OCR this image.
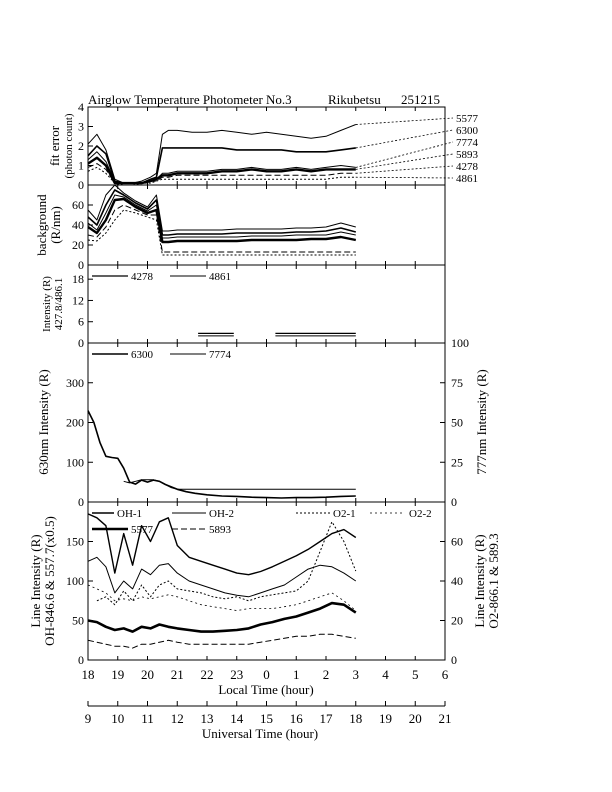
Airglow Temperature Photometer No.3	Rikubetsu 251215
5577
6300
7774
5893
4278
4861
fit error (photon count)
background (R/nm)
Intensity (R) 427.8/486.1
630nm Intensity (R)	777nm Intensity (R)
Line Intensity (R) OH-846.6 & 557.7(x0.5)	Line Intensity (R) O2-866.1 & 589.3
4278	4861
6300	7774
OH-1	OH-2	O2-1	O2-2
5577	5893
Local Time (hour)
Universal Time (hour)
18 19 20 21 22 23 0 1 2 3 4 5 6
9 10 11 12 13 14 15 16 17 18 19 20 21
0
1
2
3
4
0
20
40
60
0
6
12
18
0
100
200
300
0
25
50
75
100
0
50
100
150
0
20
40
60
